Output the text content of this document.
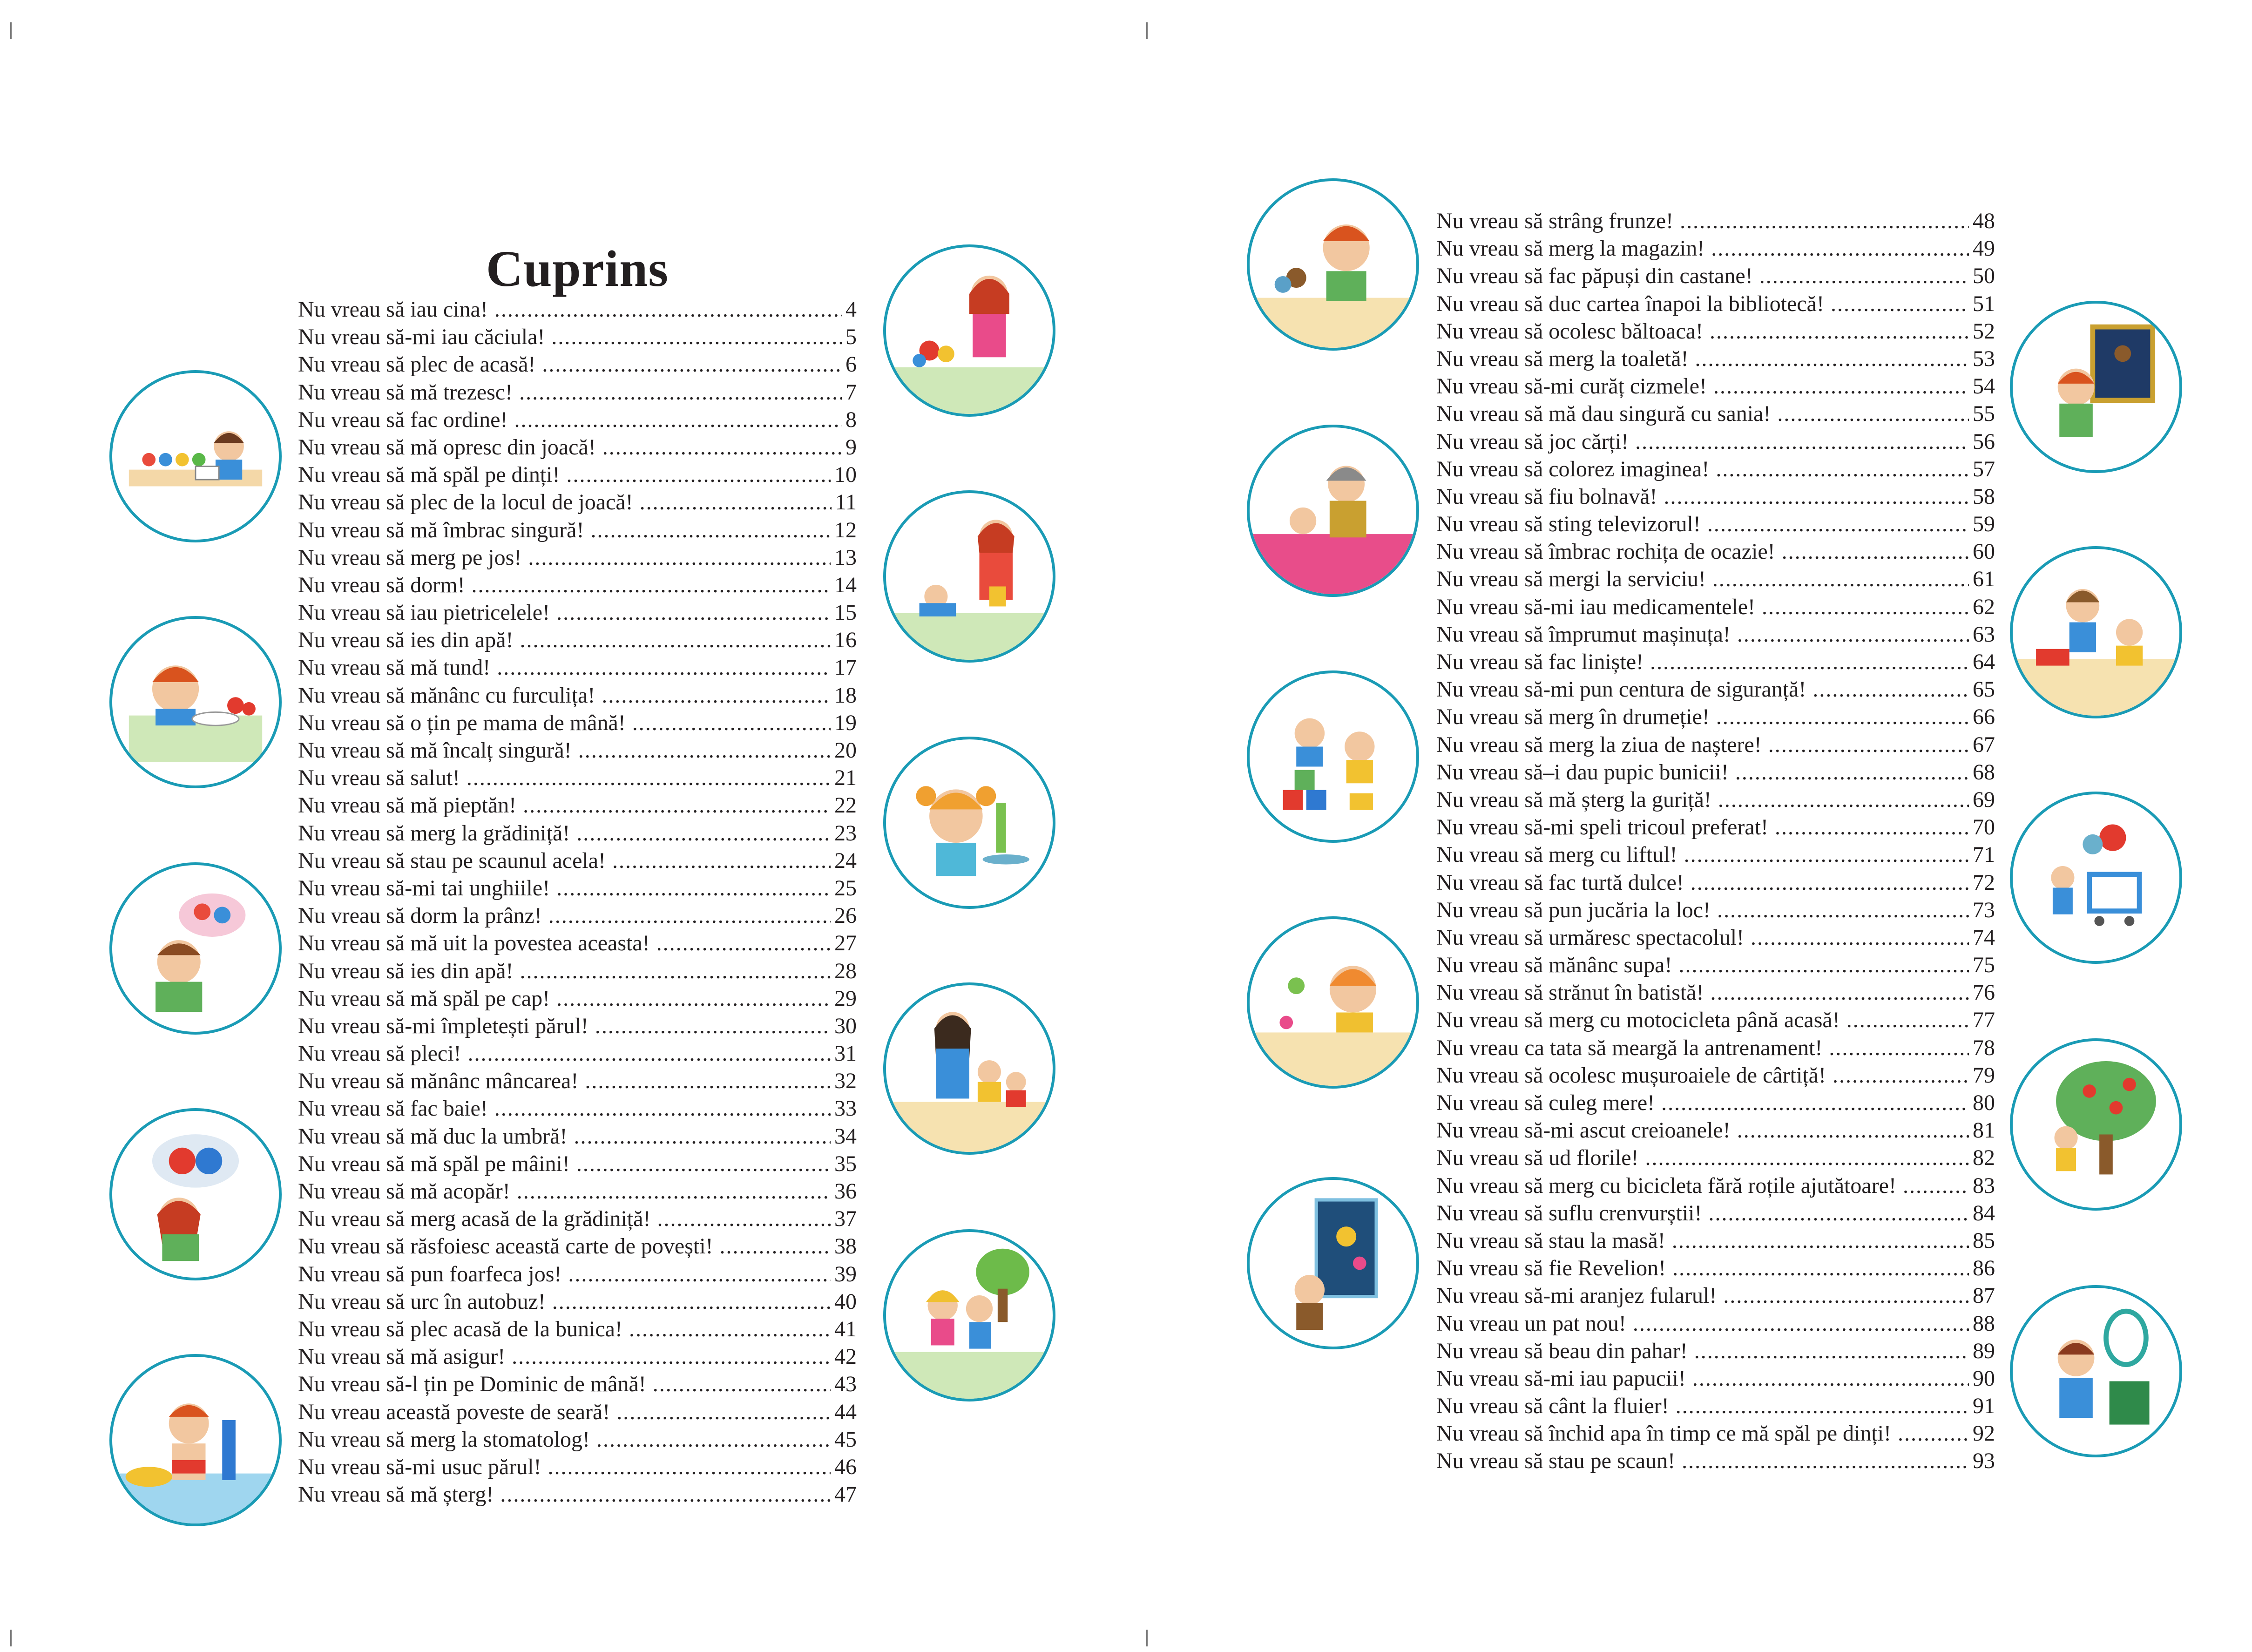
Cuprins
Nu vreau să iau cina! .....	4
Nu vreau să-mi iau căciula! .....	5
Nu vreau să plec de acasă! .....	6
Nu vreau să mă trezesc! .....	7
Nu vreau să fac ordine! .....	8
Nu vreau să mă opresc din joacă! .....	9
Nu vreau să mă spăl pe dinți! .....	10
Nu vreau să plec de la locul de joacă! .....	11
Nu vreau să mă îmbrac singură! .....	12
Nu vreau să merg pe jos! .....	13
Nu vreau să dorm! .....	14
Nu vreau să iau pietricelele! .....	15
Nu vreau să ies din apă! .....	16
Nu vreau să mă tund! .....	17
Nu vreau să mănânc cu furculița! .....	18
Nu vreau să o țin pe mama de mână! .....	19
Nu vreau să mă încalț singură! .....	20
Nu vreau să salut! .....	21
Nu vreau să mă pieptăn! .....	22
Nu vreau să merg la grădiniță! .....	23
Nu vreau să stau pe scaunul acela! .....	24
Nu vreau să-mi tai unghiile! .....	25
Nu vreau să dorm la prânz! .....	26
Nu vreau să mă uit la povestea aceasta! .....	27
Nu vreau să ies din apă! .....	28
Nu vreau să mă spăl pe cap! .....	29
Nu vreau să-mi împletești părul! .....	30
Nu vreau să pleci! .....	31
Nu vreau să mănânc mâncarea! .....	32
Nu vreau să fac baie! .....	33
Nu vreau să mă duc la umbră! .....	34
Nu vreau să mă spăl pe mâini! .....	35
Nu vreau să mă acopăr! .....	36
Nu vreau să merg acasă de la grădiniță! .....	37
Nu vreau să răsfoiesc această carte de povești! .....	38
Nu vreau să pun foarfeca jos! .....	39
Nu vreau să urc în autobuz! .....	40
Nu vreau să plec acasă de la bunica! .....	41
Nu vreau să mă asigur! .....	42
Nu vreau să-l țin pe Dominic de mână! .....	43
Nu vreau această poveste de seară! .....	44
Nu vreau să merg la stomatolog! .....	45
Nu vreau să-mi usuc părul! .....	46
Nu vreau să mă șterg! .....	47
Nu vreau să strâng frunze! .....	48
Nu vreau să merg la magazin! .....	49
Nu vreau să fac păpuși din castane! .....	50
Nu vreau să duc cartea înapoi la bibliotecă! .....	51
Nu vreau să ocolesc băltoaca! .....	52
Nu vreau să merg la toaletă! .....	53
Nu vreau să-mi curăț cizmele! .....	54
Nu vreau să mă dau singură cu sania! .....	55
Nu vreau să joc cărți! .....	56
Nu vreau să colorez imaginea! .....	57
Nu vreau să fiu bolnavă! .....	58
Nu vreau să sting televizorul! .....	59
Nu vreau să îmbrac rochița de ocazie! .....	60
Nu vreau să mergi la serviciu! .....	61
Nu vreau să-mi iau medicamentele! .....	62
Nu vreau să împrumut mașinuța! .....	63
Nu vreau să fac liniște! .....	64
Nu vreau să-mi pun centura de siguranță! .....	65
Nu vreau să merg în drumeție! .....	66
Nu vreau să merg la ziua de naștere! .....	67
Nu vreau să–i dau pupic bunicii! .....	68
Nu vreau să mă șterg la guriță! .....	69
Nu vreau să-mi speli tricoul preferat! .....	70
Nu vreau să merg cu liftul! .....	71
Nu vreau să fac turtă dulce! .....	72
Nu vreau să pun jucăria la loc! .....	73
Nu vreau să urmăresc spectacolul! .....	74
Nu vreau să mănânc supa! .....	75
Nu vreau să strănut în batistă! .....	76
Nu vreau să merg cu motocicleta până acasă! .....	77
Nu vreau ca tata să meargă la antrenament! .....	78
Nu vreau să ocolesc mușuroaiele de cârtiță! .....	79
Nu vreau să culeg mere! .....	80
Nu vreau să-mi ascut creioanele! .....	81
Nu vreau să ud florile! .....	82
Nu vreau să merg cu bicicleta fără roțile ajutătoare! .....	83
Nu vreau să suflu crenvurștii! .....	84
Nu vreau să stau la masă! .....	85
Nu vreau să fie Revelion! .....	86
Nu vreau să-mi aranjez fularul! .....	87
Nu vreau un pat nou! .....	88
Nu vreau să beau din pahar! .....	89
Nu vreau să-mi iau papucii! .....	90
Nu vreau să cânt la fluier! .....	91
Nu vreau să închid apa în timp ce mă spăl pe dinți! .....	92
Nu vreau să stau pe scaun! .....	93
